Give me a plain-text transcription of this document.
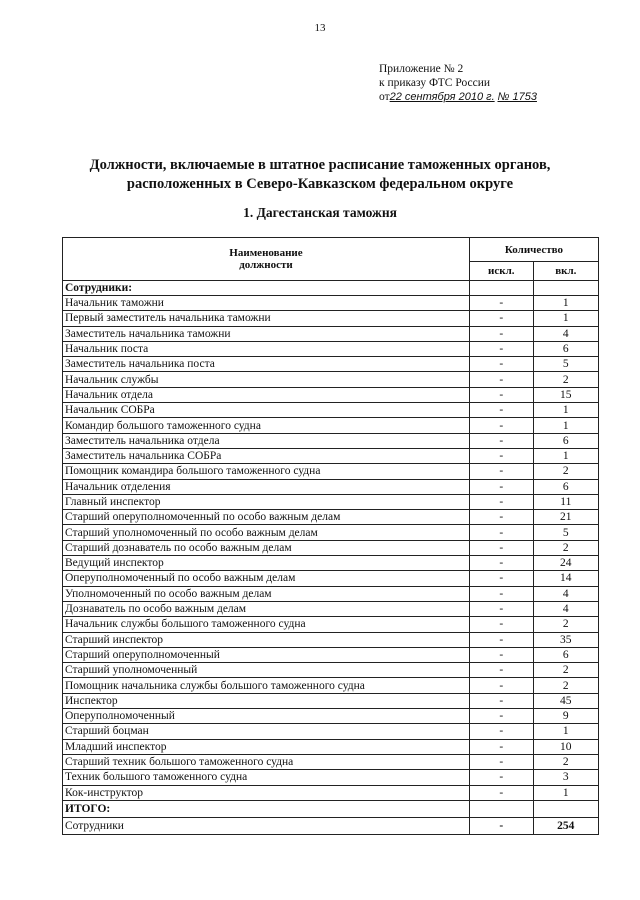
13
Приложение № 2
к приказу ФТС России
от22 сентября 2010 г. № 1753
Должности, включаемые в штатное расписание таможенных органов,
расположенных в Северо-Кавказском федеральном округе
1. Дагестанская таможня
Наименование
должности	Количество	
	искл.	вкл.
Сотрудники:		
Начальник таможни	-	1
Первый заместитель начальника таможни	-	1
Заместитель начальника таможни	-	4
Начальник поста	-	6
Заместитель начальника поста	-	5
Начальник службы	-	2
Начальник отдела	-	15
Начальник СОБРа	-	1
Командир большого таможенного судна	-	1
Заместитель начальника отдела	-	6
Заместитель начальника СОБРа	-	1
Помощник командира большого таможенного судна	-	2
Начальник отделения	-	6
Главный инспектор	-	11
Старший оперуполномоченный по особо важным делам	-	21
Старший уполномоченный по особо важным делам	-	5
Старший дознаватель по особо важным делам	-	2
Ведущий инспектор	-	24
Оперуполномоченный по особо важным делам	-	14
Уполномоченный по особо важным делам	-	4
Дознаватель по особо важным делам	-	4
Начальник службы большого таможенного судна	-	2
Старший инспектор	-	35
Старший оперуполномоченный	-	6
Старший уполномоченный	-	2
Помощник начальника службы большого таможенного судна	-	2
Инспектор	-	45
Оперуполномоченный	-	9
Старший боцман	-	1
Младший инспектор	-	10
Старший техник большого таможенного судна	-	2
Техник большого таможенного судна	-	3
Кок-инструктор	-	1
ИТОГО:		
Сотрудники	-	254
